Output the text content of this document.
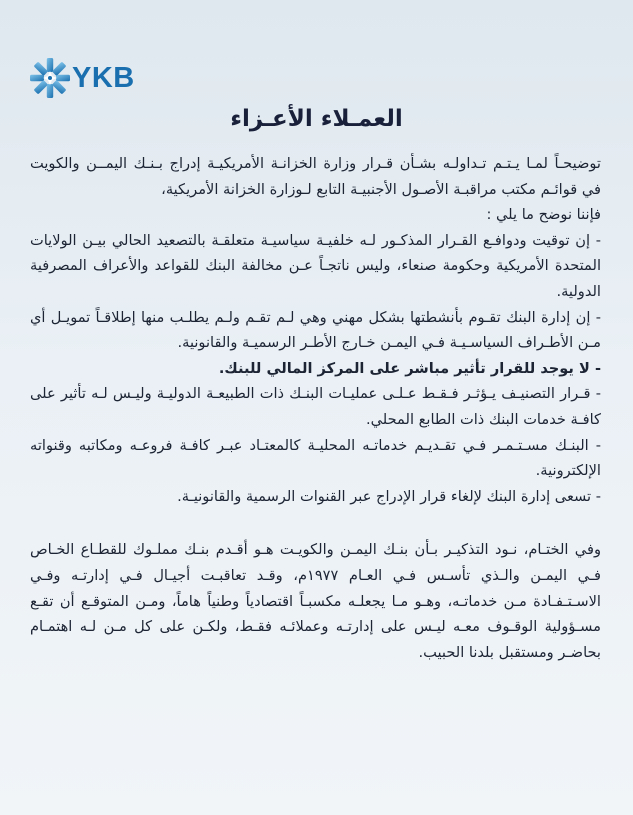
YKB
العمـلاء الأعـزاء

توضيحـاً لمـا يـتـم تـداولـه بشـأن قـرار وزارة الخزانـة الأمريكيـة إدراج بـنـك اليمــن والكويت في قوائـم مكتب مراقبـة الأصـول الأجنبيـة التابع لـوزارة الخزانة الأمريكية،

فإننا نوضح ما يلي :

- إن توقيت ودوافـع القـرار المذكـور لـه خلفيـة سياسيـة متعلقـة بالتصعيد الحالي بيـن الولايات المتحدة الأمريكية وحكومة صنعاء، وليس ناتجـاً عـن مخالفة البنك للقواعد والأعراف المصرفية الدولية.
- إن إدارة البنك تقـوم بأنشطتها بشكل مهني وهي لـم تقـم ولـم يطلـب منها إطلاقـاً تمويـل أي مـن الأطـراف السياسـيـة فـي اليمـن خـارج الأطـر الرسميـة والقانونية.
- لا يوجد للقرار تأثير مباشر على المركز المالي للبنك.
- قـرار التصنيـف يـؤثـر فـقـط عـلـى عمليـات البنـك ذات الطبيعـة الدوليـة وليـس لـه تأثير على كافـة خدمات البنك ذات الطابع المحلي.
- البنـك مسـتـمـر فـي تقـديـم خدماتـه المحليـة كالمعتـاد عبـر كافـة فروعـه ومكاتبه وقنواته الإلكترونية.
- تسعى إدارة البنك لإلغاء قرار الإدراج عبر القنوات الرسمية والقانونيـة.

وفي الختـام، نـود التذكيـر بـأن بنـك اليمـن والكويـت هـو أقـدم بنـك مملـوك للقطـاع الخـاص فـي اليمـن والـذي تأسـس فـي العـام ١٩٧٧م، وقـد تعاقبـت أجيـال فـي إدارتـه وفـي الاسـتـفـادة مـن خدماتـه، وهـو مـا يجعلـه مكسبـاً اقتصادياً وطنياً هاماً، ومـن المتوقـع أن تقـع مسـؤولية الوقـوف معـه ليـس على إدارتـه وعملائـه فقـط، ولكـن على كل مـن لـه اهتمـام بحاضـر ومستقبل بلدنا الحبيب.
